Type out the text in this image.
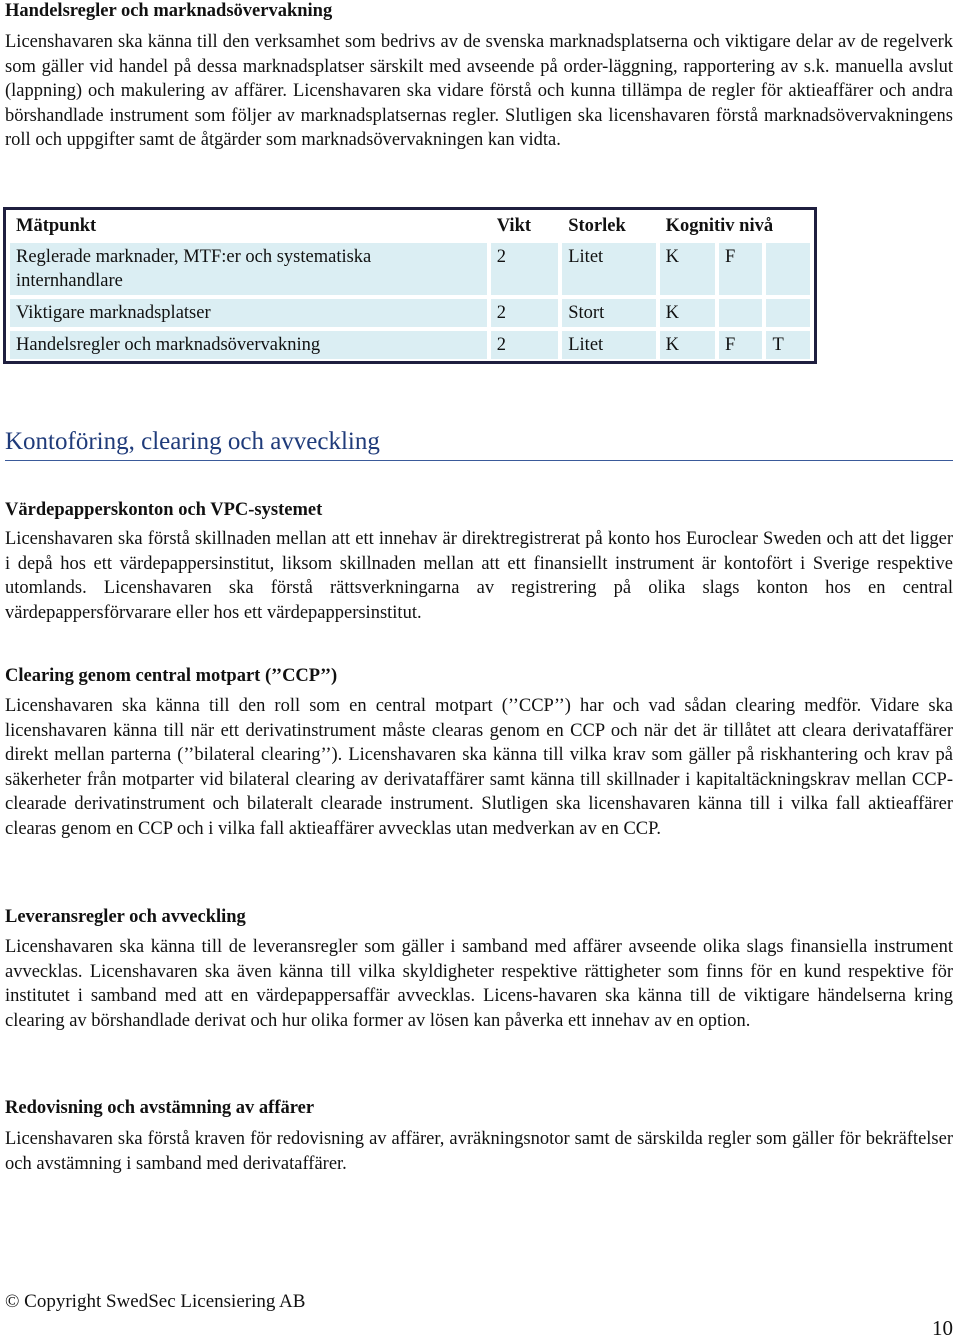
Handelsregler och marknadsövervakning

Licenshavaren ska känna till den verksamhet som bedrivs av de svenska marknadsplatserna och viktigare delar av de regelverk som gäller vid handel på dessa marknadsplatser särskilt med avseende på order-läggning, rapportering av s.k. manuella avslut (lappning) och makulering av affärer. Licenshavaren ska vidare förstå och kunna tillämpa de regler för aktieaffärer och andra börshandlade instrument som följer av marknadsplatsernas regler. Slutligen ska licenshavaren förstå marknadsövervakningens roll och uppgifter samt de åtgärder som marknadsövervakningen kan vidta.

Mätpunkt	Vikt	Storlek	Kognitiv nivå		
Reglerade marknader, MTF:er och systematiska internhandlare	2	Litet	K	F	
Viktigare marknadsplatser	2	Stort	K		
Handelsregler och marknadsövervakning	2	Litet	K	F	T
Kontoföring, clearing och avveckling
Värdepapperskonton och VPC-systemet

Licenshavaren ska förstå skillnaden mellan att ett innehav är direktregistrerat på konto hos Euroclear Sweden och att det ligger i depå hos ett värdepappersinstitut, liksom skillnaden mellan att ett finansiellt instrument är kontofört i Sverige respektive utomlands. Licenshavaren ska förstå rättsverkningarna av registrering på olika slags konton hos en central värdepappersförvarare eller hos ett värdepappersinstitut.

Clearing genom central motpart (’’CCP’’)

Licenshavaren ska känna till den roll som en central motpart (’’CCP’’) har och vad sådan clearing medför. Vidare ska licenshavaren känna till när ett derivatinstrument måste clearas genom en CCP och när det är tillåtet att cleara derivataffärer direkt mellan parterna (’’bilateral clearing’’). Licenshavaren ska känna till vilka krav som gäller på riskhantering och krav på säkerheter från motparter vid bilateral clearing av derivataffärer samt känna till skillnader i kapitaltäckningskrav mellan CCP-clearade derivatinstrument och bilateralt clearade instrument. Slutligen ska licenshavaren känna till i vilka fall aktieaffärer clearas genom en CCP och i vilka fall aktieaffärer avvecklas utan medverkan av en CCP.

Leveransregler och avveckling

Licenshavaren ska känna till de leveransregler som gäller i samband med affärer avseende olika slags finansiella instrument avvecklas. Licenshavaren ska även känna till vilka skyldigheter respektive rättigheter som finns för en kund respektive för institutet i samband med att en värdepappersaffär avvecklas. Licens-havaren ska känna till de viktigare händelserna kring clearing av börshandlade derivat och hur olika former av lösen kan påverka ett innehav av en option.

Redovisning och avstämning av affärer

Licenshavaren ska förstå kraven för redovisning av affärer, avräkningsnotor samt de särskilda regler som gäller för bekräftelser och avstämning i samband med derivataffärer.

© Copyright SwedSec Licensiering AB
10
